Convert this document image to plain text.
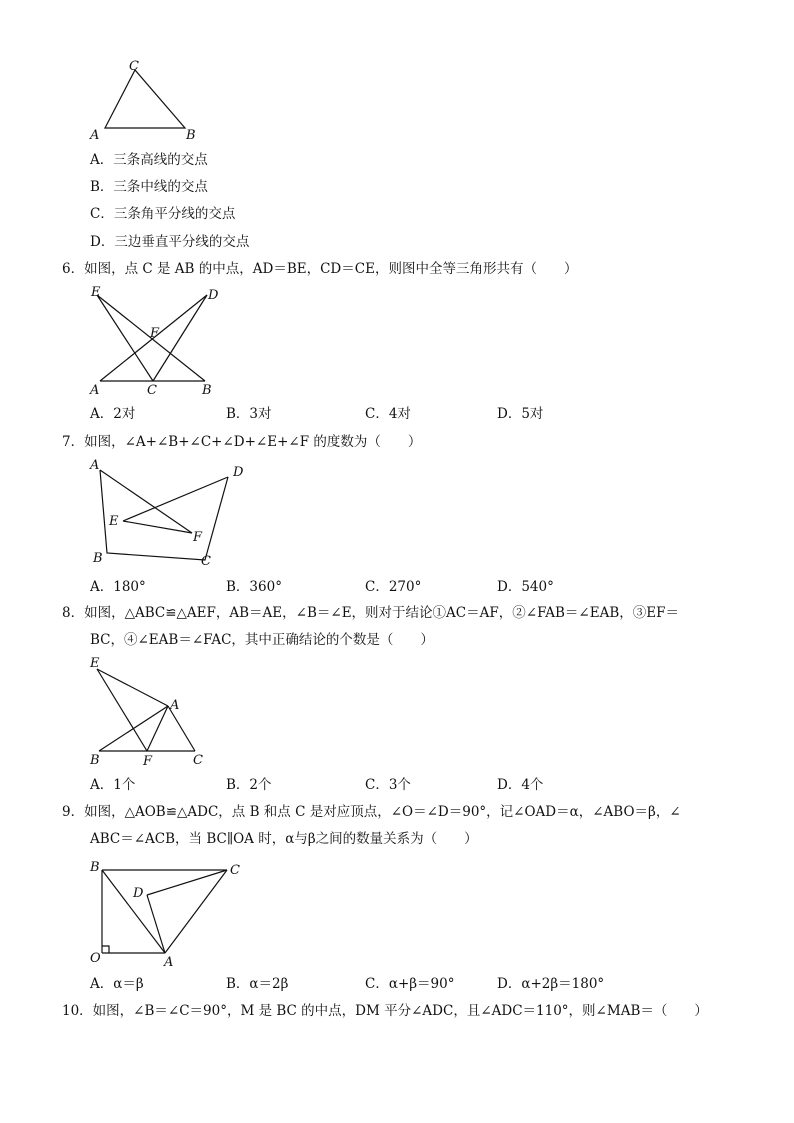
C
A	B
A．三条高线的交点
B．三条中线的交点
C．三条角平分线的交点
D．三边垂直平分线的交点
6．如图，点 C 是 AB 的中点，AD＝BE，CD＝CE，则图中全等三角形共有（　　）
E	D
F
A	C	B
A．2对	B．3对	C．4对	D．5对
7．如图，∠A+∠B+∠C+∠D+∠E+∠F 的度数为（　　）
A	D
E
F
B	C
A．180°	B．360°	C．270°	D．540°
8．如图，△ABC≌△AEF，AB＝AE，∠B＝∠E，则对于结论①AC＝AF，②∠FAB＝∠EAB，③EF＝
BC，④∠EAB＝∠FAC，其中正确结论的个数是（　　）
E
A
B	F	C
A．1个	B．2个	C．3个	D．4个
9．如图，△AOB≌△ADC，点 B 和点 C 是对应顶点，∠O＝∠D＝90°，记∠OAD＝α，∠ABO＝β，∠
ABC＝∠ACB，当 BC∥OA 时，α与β之间的数量关系为（　　）
B	C
D
O	A
A．α＝β	B．α＝2β	C．α+β＝90°	D．α+2β＝180°
10．如图，∠B＝∠C＝90°，M 是 BC 的中点，DM 平分∠ADC，且∠ADC＝110°，则∠MAB＝（　　）
